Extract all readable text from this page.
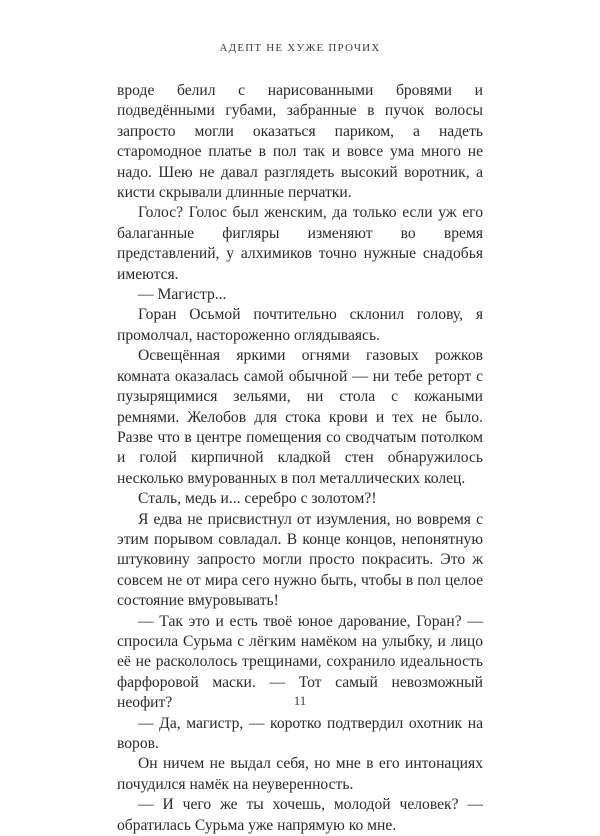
АДЕПТ НЕ ХУЖЕ ПРОЧИХ

вроде белил с нарисованными бровями и подведёнными губами, забранные в пучок волосы запросто могли оказаться париком, а надеть старомодное платье в пол так и вовсе ума много не надо. Шею не давал разглядеть высокий воротник, а кисти скрывали длинные перчатки.

Голос? Голос был женским, да только если уж его балаганные фигляры изменяют во время представлений, у алхимиков точно нужные снадобья имеются.

— Магистр...

Горан Осьмой почтительно склонил голову, я промолчал, настороженно оглядываясь.

Освещённая яркими огнями газовых рожков комната оказалась самой обычной — ни тебе реторт с пузырящимися зельями, ни стола с кожаными ремнями. Желобов для стока крови и тех не было. Разве что в центре помещения со сводчатым потолком и голой кирпичной кладкой стен обнаружилось несколько вмурованных в пол металлических колец.

Сталь, медь и... серебро с золотом?!

Я едва не присвистнул от изумления, но вовремя с этим порывом совладал. В конце концов, непонятную штуковину запросто могли просто покрасить. Это ж совсем не от мира сего нужно быть, чтобы в пол целое состояние вмуровывать!

— Так это и есть твоё юное дарование, Горан? — спросила Сурьма с лёгким намёком на улыбку, и лицо её не раскололось трещинами, сохранило идеальность фарфоровой маски. — Тот самый невозможный неофит?

— Да, магистр, — коротко подтвердил охотник на воров.

Он ничем не выдал себя, но мне в его интонациях почудился намёк на неуверенность.

— И чего же ты хочешь, молодой человек? — обратилась Сурьма уже напрямую ко мне.

11
